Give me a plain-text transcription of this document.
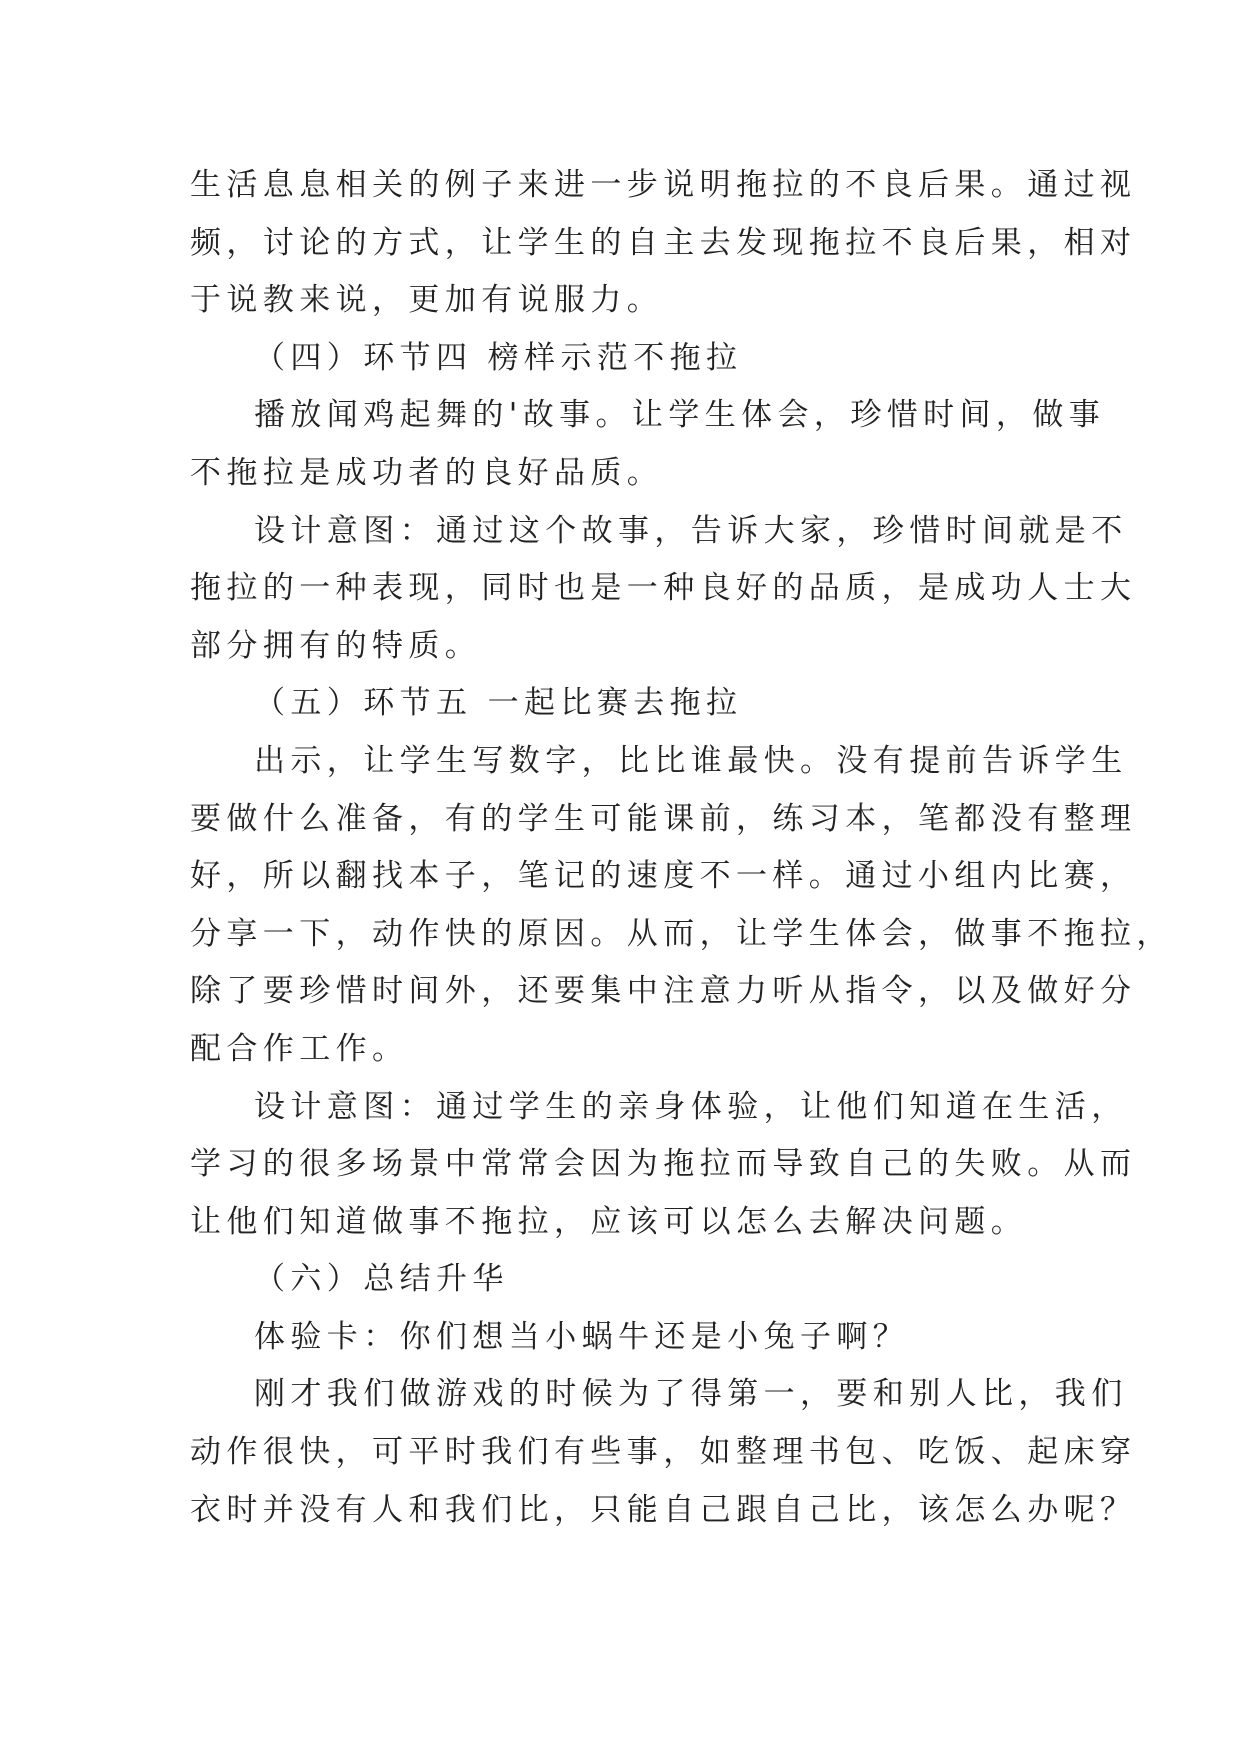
生活息息相关的例子来进一步说明拖拉的不良后果。通过视

频，讨论的方式，让学生的自主去发现拖拉不良后果，相对

于说教来说，更加有说服力。

（四）环节四 榜样示范不拖拉

播放闻鸡起舞的'故事。让学生体会，珍惜时间，做事

不拖拉是成功者的良好品质。

设计意图：通过这个故事，告诉大家，珍惜时间就是不

拖拉的一种表现，同时也是一种良好的品质，是成功人士大

部分拥有的特质。

（五）环节五 一起比赛去拖拉

出示，让学生写数字，比比谁最快。没有提前告诉学生

要做什么准备，有的学生可能课前，练习本，笔都没有整理

好，所以翻找本子，笔记的速度不一样。通过小组内比赛，

分享一下，动作快的原因。从而，让学生体会，做事不拖拉，

除了要珍惜时间外，还要集中注意力听从指令，以及做好分

配合作工作。

设计意图：通过学生的亲身体验，让他们知道在生活，

学习的很多场景中常常会因为拖拉而导致自己的失败。从而

让他们知道做事不拖拉，应该可以怎么去解决问题。

（六）总结升华

体验卡：你们想当小蜗牛还是小兔子啊？

刚才我们做游戏的时候为了得第一，要和别人比，我们

动作很快，可平时我们有些事，如整理书包、吃饭、起床穿

衣时并没有人和我们比，只能自己跟自己比，该怎么办呢？
